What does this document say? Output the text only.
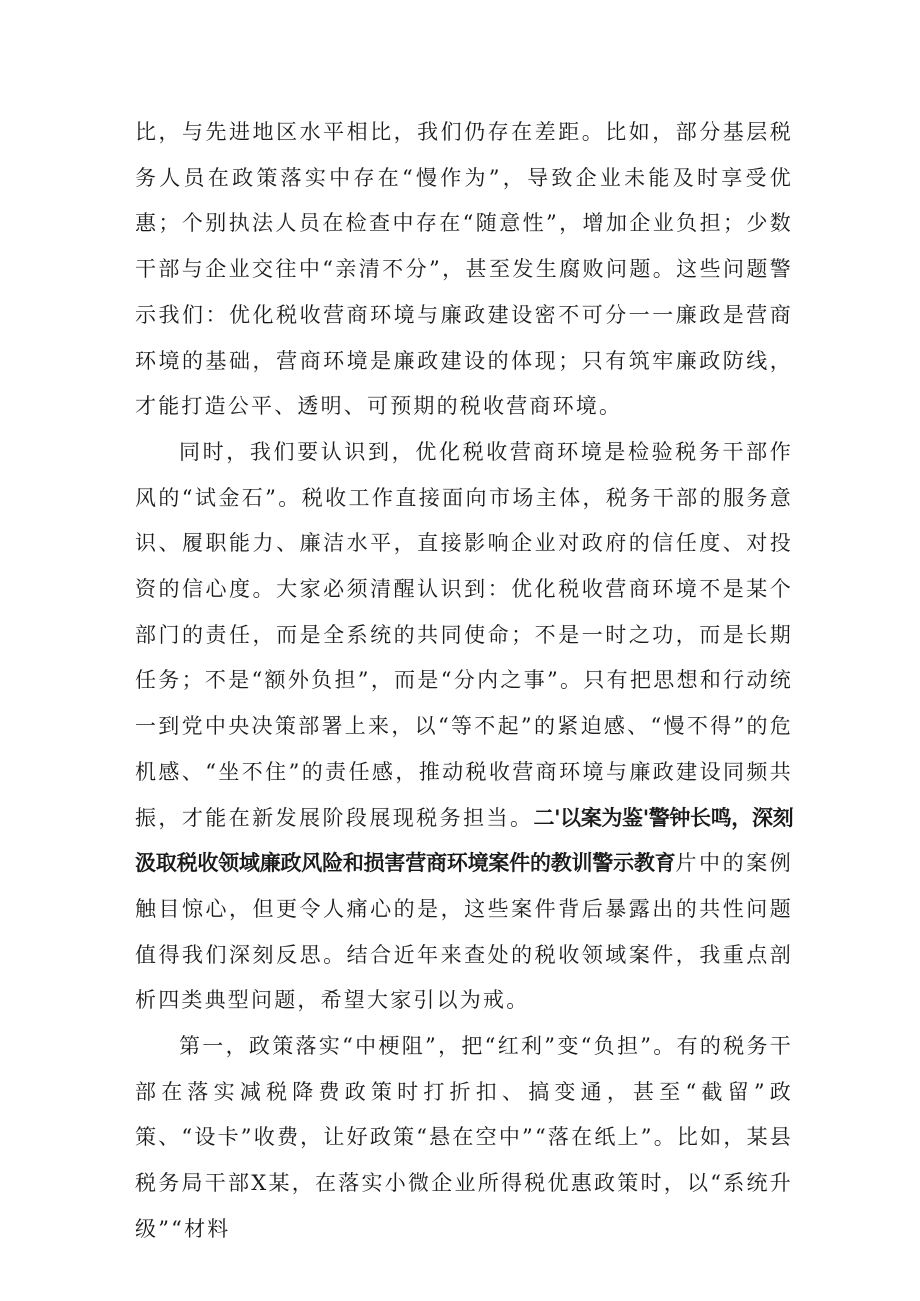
比，与先进地区水平相比，我们仍存在差距。比如，部分基层税务人员在政策落实中存在“慢作为”，导致企业未能及时享受优惠；个别执法人员在检查中存在“随意性”，增加企业负担；少数干部与企业交往中“亲清不分”，甚至发生腐败问题。这些问题警示我们：优化税收营商环境与廉政建设密不可分一一廉政是营商环境的基础，营商环境是廉政建设的体现；只有筑牢廉政防线，才能打造公平、透明、可预期的税收营商环境。

同时，我们要认识到，优化税收营商环境是检验税务干部作风的“试金石”。税收工作直接面向市场主体，税务干部的服务意识、履职能力、廉洁水平，直接影响企业对政府的信任度、对投资的信心度。大家必须清醒认识到：优化税收营商环境不是某个部门的责任，而是全系统的共同使命；不是一时之功，而是长期任务；不是“额外负担”，而是“分内之事”。只有把思想和行动统一到党中央决策部署上来，以“等不起”的紧迫感、“慢不得”的危机感、“坐不住”的责任感，推动税收营商环境与廉政建设同频共振，才能在新发展阶段展现税务担当。二'以案为鉴'警钟长鸣，深刻汲取税收领域廉政风险和损害营商环境案件的教训警示教育片中的案例触目惊心，但更令人痛心的是，这些案件背后暴露出的共性问题值得我们深刻反思。结合近年来查处的税收领域案件，我重点剖析四类典型问题，希望大家引以为戒。

第一，政策落实“中梗阻”，把“红利”变“负担”。有的税务干部在落实减税降费政策时打折扣、搞变通，甚至“截留”政策、“设卡”收费，让好政策“悬在空中”“落在纸上”。比如，某县税务局干部X某，在落实小微企业所得税优惠政策时，以“系统升级”“材料
